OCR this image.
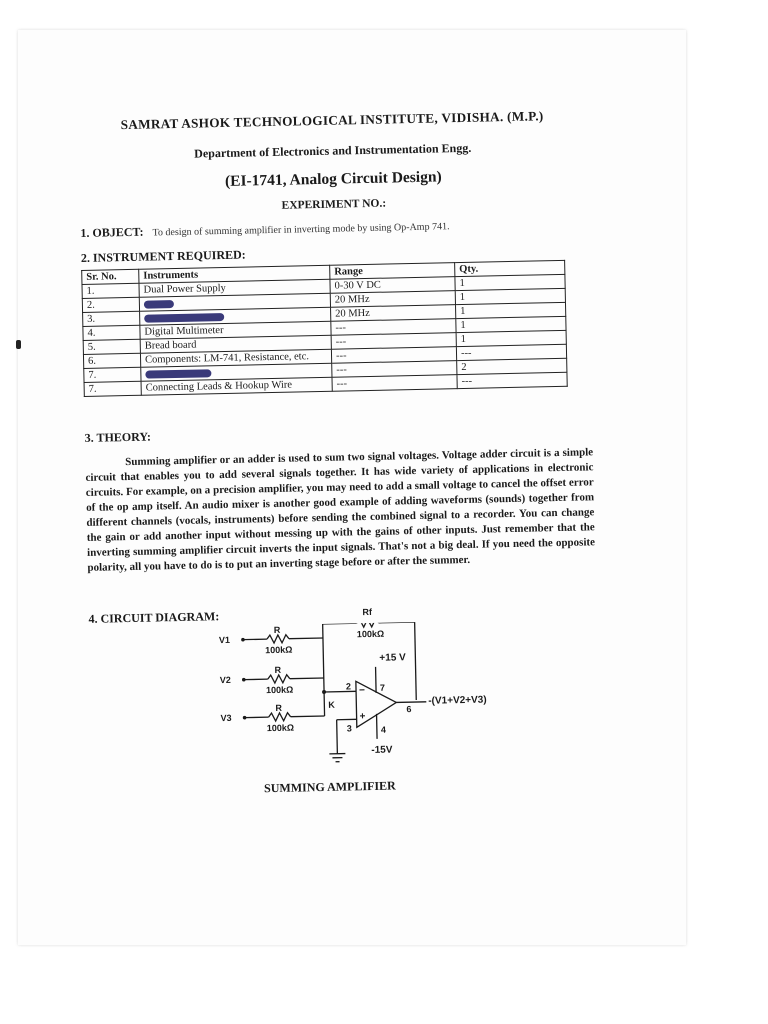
SAMRAT ASHOK TECHNOLOGICAL INSTITUTE, VIDISHA. (M.P.)
Department of Electronics and Instrumentation Engg.
(EI-1741, Analog Circuit Design)
EXPERIMENT NO.:
1. OBJECT: To design of summing amplifier in inverting mode by using Op-Amp 741.
2. INSTRUMENT REQUIRED:
Sr. No.	Instruments	Range	Qty.
1.	Dual Power Supply	0-30 V DC	1
2.		20 MHz	1
3.		20 MHz	1
4.	Digital Multimeter	---	1
5.	Bread board	---	1
6.	Components: LM-741, Resistance, etc.	---	---
7.		---	2
7.	Connecting Leads & Hookup Wire	---	---
3. THEORY:

Summing amplifier or an adder is used to sum two signal voltages. Voltage adder circuit is a simple circuit that enables you to add several signals together. It has wide variety of applications in electronic circuits. For example, on a precision amplifier, you may need to add a small voltage to cancel the offset error of the op amp itself. An audio mixer is another good example of adding waveforms (sounds) together from different channels (vocals, instruments) before sending the combined signal to a recorder. You can change the gain or add another input without messing up with the gains of other inputs. Just remember that the inverting summing amplifier circuit inverts the input signals. That's not a big deal. If you need the opposite polarity, all you have to do is to put an inverting stage before or after the summer.

4. CIRCUIT DIAGRAM:
V1
V2
V3
R
100kΩ
R
100kΩ
R
100kΩ
Rf
100kΩ
+15 V
-15V
2
3	4
6
7
K
−
+
-(V1+V2+V3)
SUMMING AMPLIFIER
